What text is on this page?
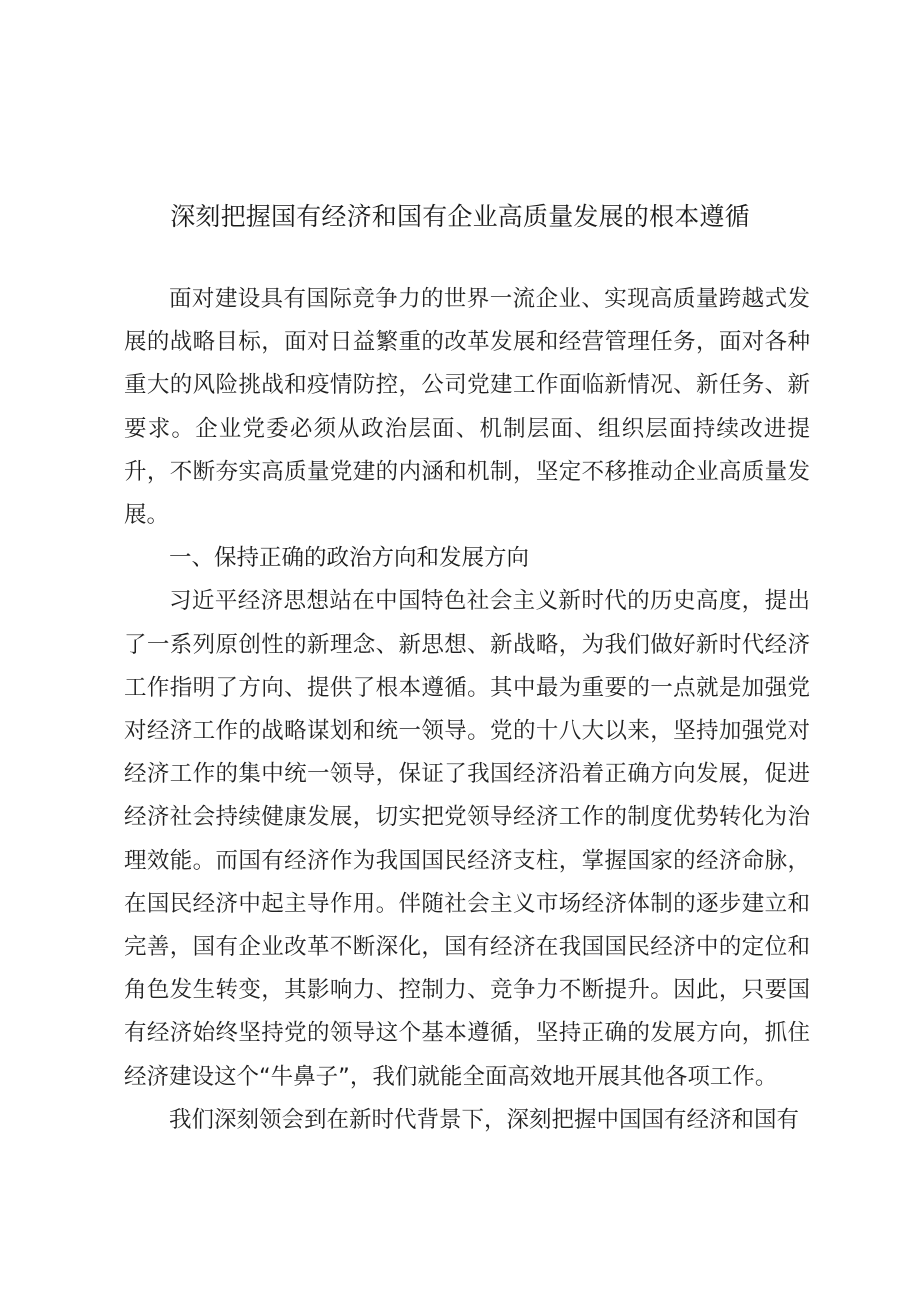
深刻把握国有经济和国有企业高质量发展的根本遵循

面对建设具有国际竞争力的世界一流企业、实现高质量跨越式发展的战略目标，面对日益繁重的改革发展和经营管理任务，面对各种重大的风险挑战和疫情防控，公司党建工作面临新情况、新任务、新要求。企业党委必须从政治层面、机制层面、组织层面持续改进提升，不断夯实高质量党建的内涵和机制，坚定不移推动企业高质量发展。

一、保持正确的政治方向和发展方向

习近平经济思想站在中国特色社会主义新时代的历史高度，提出了一系列原创性的新理念、新思想、新战略，为我们做好新时代经济工作指明了方向、提供了根本遵循。其中最为重要的一点就是加强党对经济工作的战略谋划和统一领导。党的十八大以来，坚持加强党对经济工作的集中统一领导，保证了我国经济沿着正确方向发展，促进经济社会持续健康发展，切实把党领导经济工作的制度优势转化为治理效能。而国有经济作为我国国民经济支柱，掌握国家的经济命脉，在国民经济中起主导作用。伴随社会主义市场经济体制的逐步建立和完善，国有企业改革不断深化，国有经济在我国国民经济中的定位和角色发生转变，其影响力、控制力、竞争力不断提升。因此，只要国有经济始终坚持党的领导这个基本遵循，坚持正确的发展方向，抓住经济建设这个“牛鼻子”，我们就能全面高效地开展其他各项工作。

我们深刻领会到在新时代背景下，深刻把握中国国有经济和国有
